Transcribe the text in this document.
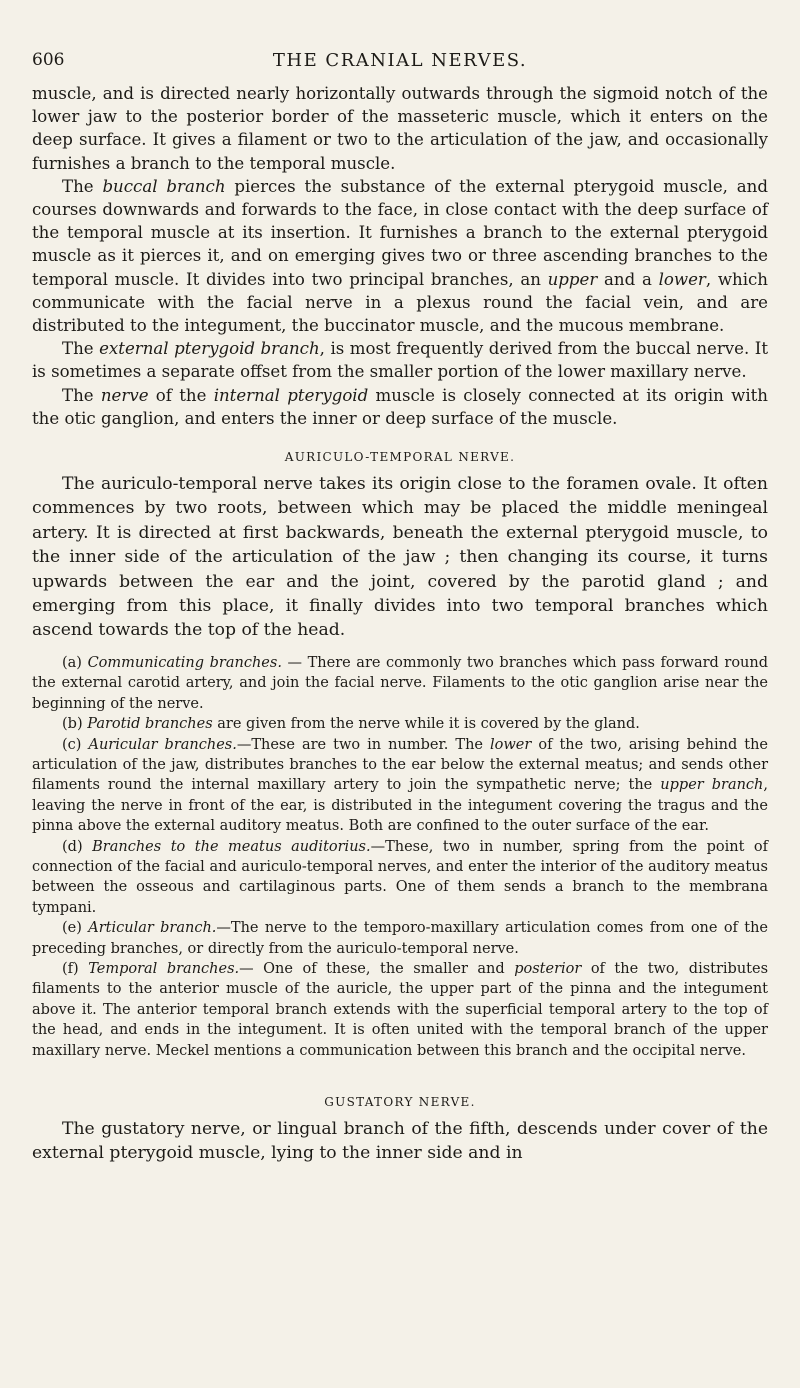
606	THE CRANIAL NERVES.

muscle, and is directed nearly horizontally outwards through the sigmoid notch of the lower jaw to the posterior border of the masseteric muscle, which it enters on the deep surface. It gives a filament or two to the articulation of the jaw, and occasionally furnishes a branch to the temporal muscle.

The buccal branch pierces the substance of the external pterygoid muscle, and courses downwards and forwards to the face, in close contact with the deep surface of the temporal muscle at its insertion. It furnishes a branch to the external pterygoid muscle as it pierces it, and on emerging gives two or three ascending branches to the temporal muscle. It divides into two principal branches, an upper and a lower, which communicate with the facial nerve in a plexus round the facial vein, and are distributed to the integument, the buccinator muscle, and the mucous membrane.

The external pterygoid branch, is most frequently derived from the buccal nerve. It is sometimes a separate offset from the smaller portion of the lower maxillary nerve.

The nerve of the internal pterygoid muscle is closely connected at its origin with the otic ganglion, and enters the inner or deep surface of the muscle.

AURICULO-TEMPORAL NERVE.

The auriculo-temporal nerve takes its origin close to the foramen ovale. It often commences by two roots, between which may be placed the middle meningeal artery. It is directed at first backwards, beneath the external pterygoid muscle, to the inner side of the articulation of the jaw ; then changing its course, it turns upwards between the ear and the joint, covered by the parotid gland ; and emerging from this place, it finally divides into two temporal branches which ascend towards the top of the head.

(a) Communicating branches. — There are commonly two branches which pass forward round the external carotid artery, and join the facial nerve. Filaments to the otic ganglion arise near the beginning of the nerve.

(b) Parotid branches are given from the nerve while it is covered by the gland.

(c) Auricular branches.—These are two in number. The lower of the two, arising behind the articulation of the jaw, distributes branches to the ear below the external meatus; and sends other filaments round the internal maxillary artery to join the sympathetic nerve; the upper branch, leaving the nerve in front of the ear, is distributed in the integument covering the tragus and the pinna above the external auditory meatus. Both are confined to the outer surface of the ear.

(d) Branches to the meatus auditorius.—These, two in number, spring from the point of connection of the facial and auriculo-temporal nerves, and enter the interior of the auditory meatus between the osseous and cartilaginous parts. One of them sends a branch to the membrana tympani.

(e) Articular branch.—The nerve to the temporo-maxillary articulation comes from one of the preceding branches, or directly from the auriculo-temporal nerve.

(f) Temporal branches.— One of these, the smaller and posterior of the two, distributes filaments to the anterior muscle of the auricle, the upper part of the pinna and the integument above it. The anterior temporal branch extends with the superficial temporal artery to the top of the head, and ends in the integument. It is often united with the temporal branch of the upper maxillary nerve. Meckel mentions a communication between this branch and the occipital nerve.

GUSTATORY NERVE.

The gustatory nerve, or lingual branch of the fifth, descends under cover of the external pterygoid muscle, lying to the inner side and in
